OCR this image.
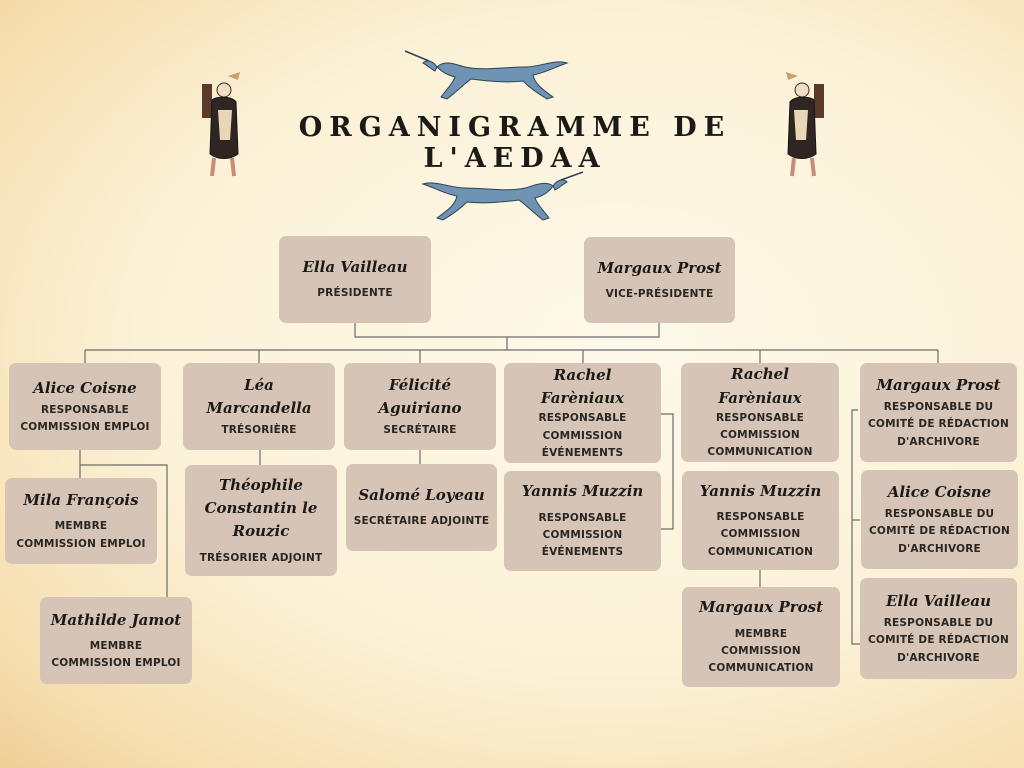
ORGANIGRAMME DE L'AEDAA
Ella Vailleau
PRÉSIDENTE
Margaux Prost
VICE-PRÉSIDENTE
Alice Coisne
RESPONSABLE COMMISSION EMPLOI
Léa Marcandella
TRÉSORIÈRE
Félicité Aguiriano
SECRÉTAIRE
Rachel Farèniaux
RESPONSABLE COMMISSION ÉVÉNEMENTS
Rachel Farèniaux
RESPONSABLE COMMISSION COMMUNICATION
Margaux Prost
RESPONSABLE DU COMITÉ DE RÉDACTION D'ARCHIVORE
Mila François
MEMBRE COMMISSION EMPLOI
Théophile Constantin le Rouzic
TRÉSORIER ADJOINT
Salomé Loyeau
SECRÉTAIRE ADJOINTE
Yannis Muzzin
RESPONSABLE COMMISSION ÉVÉNEMENTS
Yannis Muzzin
RESPONSABLE COMMISSION COMMUNICATION
Alice Coisne
RESPONSABLE DU COMITÉ DE RÉDACTION D'ARCHIVORE
Mathilde Jamot
MEMBRE COMMISSION EMPLOI
Margaux Prost
MEMBRE COMMISSION COMMUNICATION
Ella Vailleau
RESPONSABLE DU COMITÉ DE RÉDACTION D'ARCHIVORE
